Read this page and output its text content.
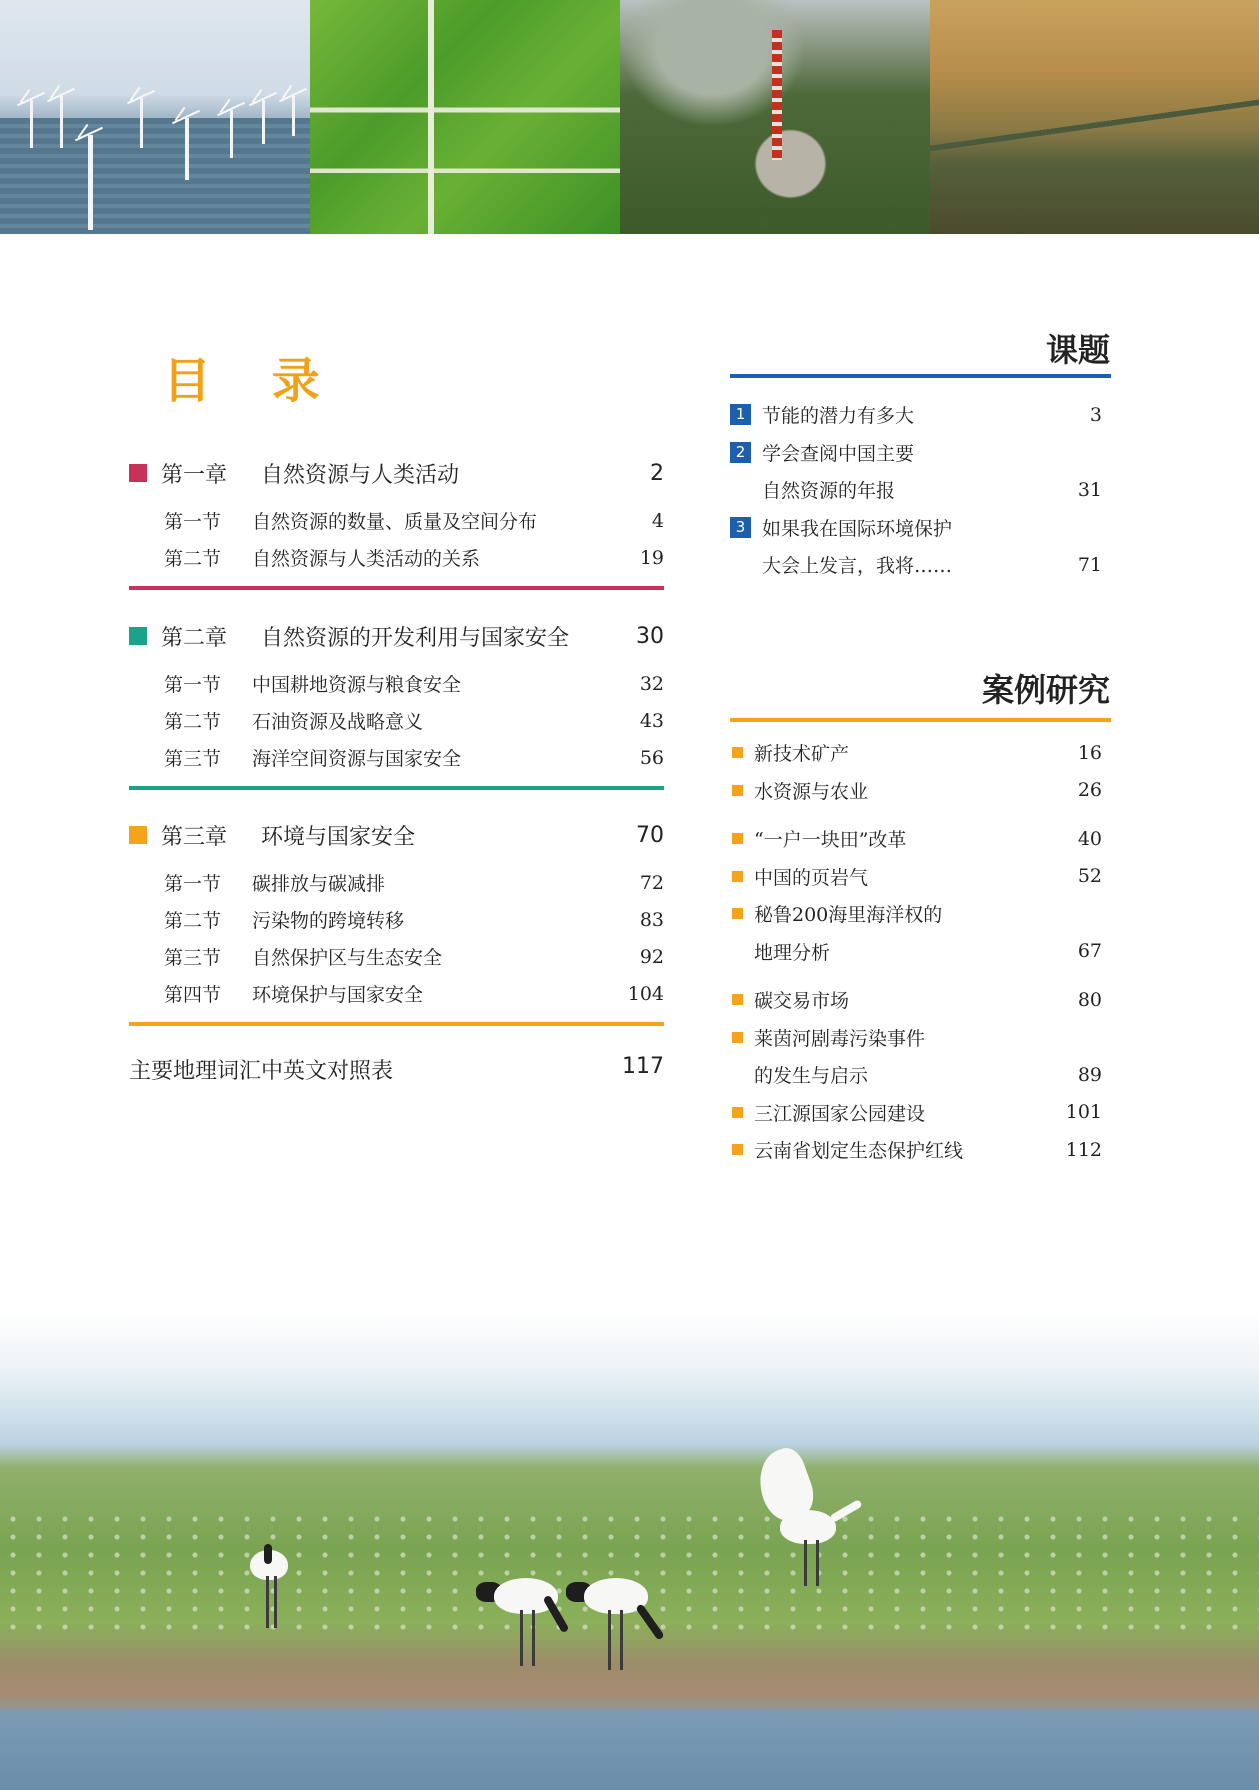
目 录
第一章	自然资源与人类活动	2
第一节	自然资源的数量、质量及空间分布	4
第二节	自然资源与人类活动的关系	19
第二章	自然资源的开发利用与国家安全	30
第一节	中国耕地资源与粮食安全	32
第二节	石油资源及战略意义	43
第三节	海洋空间资源与国家安全	56
第三章	环境与国家安全	70
第一节	碳排放与碳减排	72
第二节	污染物的跨境转移	83
第三节	自然保护区与生态安全	92
第四节	环境保护与国家安全	104
主要地理词汇中英文对照表	117
课题
1 节能的潜力有多大	3
2 学会查阅中国主要
自然资源的年报	31
3 如果我在国际环境保护
大会上发言，我将……	71
案例研究
新技术矿产	16
水资源与农业	26
“一户一块田”改革	40
中国的页岩气	52
秘鲁200海里海洋权的
地理分析	67
碳交易市场	80
莱茵河剧毒污染事件
的发生与启示	89
三江源国家公园建设	101
云南省划定生态保护红线	112
